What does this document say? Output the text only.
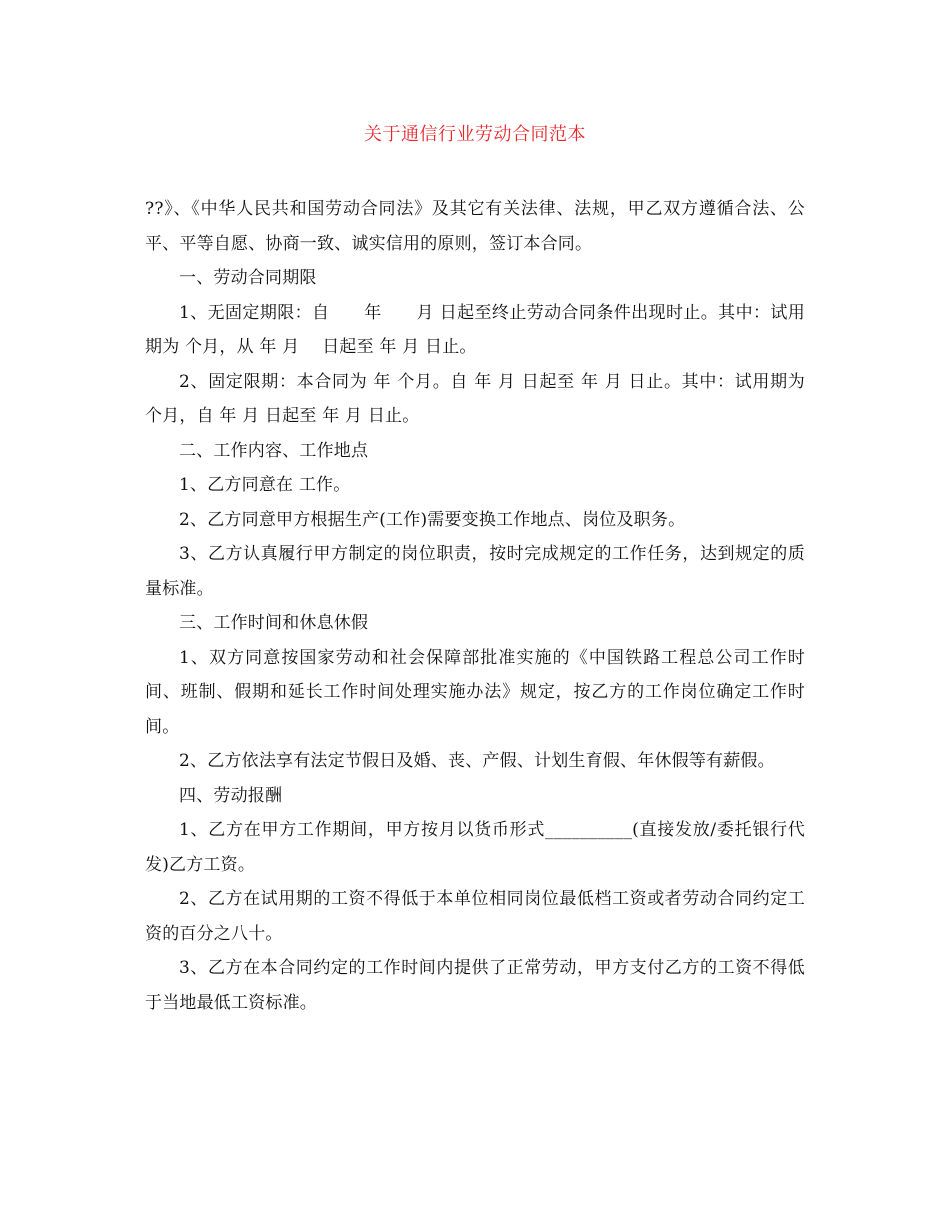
关于通信行业劳动合同范本

??》、《中华人民共和国劳动合同法》及其它有关法律、法规，甲乙双方遵循合法、公平、平等自愿、协商一致、诚实信用的原则，签订本合同。

一、劳动合同期限

1、无固定期限：自　　年　　月 日起至终止劳动合同条件出现时止。其中：试用期为 个月，从 年 月　 日起至 年 月 日止。

2、固定限期：本合同为 年 个月。自 年 月 日起至 年 月 日止。其中：试用期为 个月，自 年 月 日起至 年 月 日止。

二、工作内容、工作地点

1、乙方同意在 工作。

2、乙方同意甲方根据生产(工作)需要变换工作地点、岗位及职务。

3、乙方认真履行甲方制定的岗位职责，按时完成规定的工作任务，达到规定的质量标准。

三、工作时间和休息休假

1、双方同意按国家劳动和社会保障部批准实施的《中国铁路工程总公司工作时间、班制、假期和延长工作时间处理实施办法》规定，按乙方的工作岗位确定工作时间。

2、乙方依法享有法定节假日及婚、丧、产假、计划生育假、年休假等有薪假。

四、劳动报酬

1、乙方在甲方工作期间，甲方按月以货币形式__________(直接发放/委托银行代发)乙方工资。

2、乙方在试用期的工资不得低于本单位相同岗位最低档工资或者劳动合同约定工资的百分之八十。

3、乙方在本合同约定的工作时间内提供了正常劳动，甲方支付乙方的工资不得低于当地最低工资标准。
